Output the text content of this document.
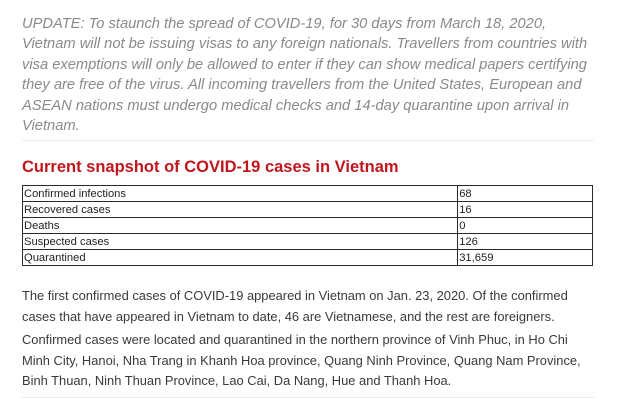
UPDATE: To staunch the spread of COVID-19, for 30 days from March 18, 2020, Vietnam will not be issuing visas to any foreign nationals. Travellers from countries with visa exemptions will only be allowed to enter if they can show medical papers certifying they are free of the virus. All incoming travellers from the United States, European and ASEAN nations must undergo medical checks and 14-day quarantine upon arrival in Vietnam.

Current snapshot of COVID-19 cases in Vietnam
Confirmed infections	68
Recovered cases	16
Deaths	0
Suspected cases	126
Quarantined	31,659

The first confirmed cases of COVID-19 appeared in Vietnam on Jan. 23, 2020. Of the confirmed cases that have appeared in Vietnam to date, 46 are Vietnamese, and the rest are foreigners.

Confirmed cases were located and quarantined in the northern province of Vinh Phuc, in Ho Chi Minh City, Hanoi, Nha Trang in Khanh Hoa province, Quang Ninh Province, Quang Nam Province, Binh Thuan, Ninh Thuan Province, Lao Cai, Da Nang, Hue and Thanh Hoa.
